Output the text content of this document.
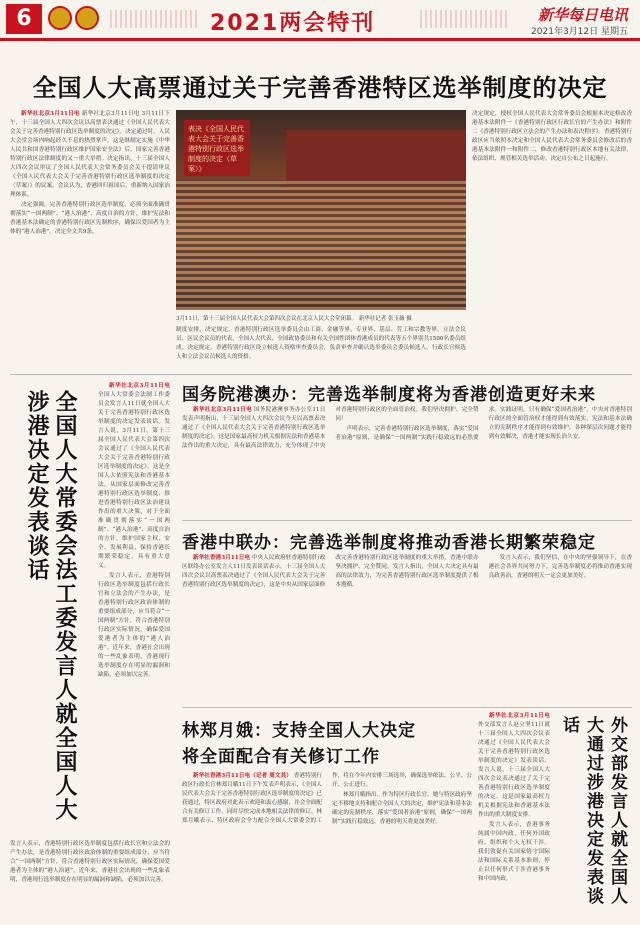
6	2021两会特刊	新华每日电讯
2021年3月12日 星期五
全国人大高票通过关于完善香港特区选举制度的决定

新华社北京3月11日电 新华社北京3月11日电 3月11日下午，十三届全国人大四次会议以高票表决通过《全国人民代表大会关于完善香港特别行政区选举制度的决定》。决定通过时，人民大会堂会场内响起经久不息的热烈掌声。这是继制定实施《中华人民共和国香港特别行政区维护国家安全法》后，国家完善香港特别行政区法律制度的又一重大举措。决定指出，十三届全国人大四次会议审议了全国人民代表大会常务委员会关于提请审议《全国人民代表大会关于完善香港特别行政区选举制度的决定（草案）》的议案。会议认为，香港回归祖国后，重新纳入国家治理体系。

决定强调，完善香港特别行政区选举制度，必须全面准确贯彻落实“一国两制”、“港人治港”、高度自治的方针，维护宪法和香港基本法确定的香港特别行政区宪制秩序，确保以爱国者为主体的“港人治港”。决定全文共9条。

表决《全国人民代表大会关于完善香港特别行政区选举制度的决定（草案）》
3月11日，第十三届全国人民代表大会第四次会议在北京人民大会堂闭幕。 新华社记者 张玉薇 摄
制度安排。决定规定，香港特别行政区选举委员会由工商、金融等界，专业界，基层、劳工和宗教等界，立法会议员、区议会议员的代表，全国人大代表、全国政协委员和有关全国性团体香港成员的代表等五个界别共1500名委员组成。决定规定，香港特别行政区设立候选人资格审查委员会，负责审查并确认选举委员会委员候选人、行政长官候选人和立法会议员候选人的资格。
决定规定，授权全国人民代表大会常务委员会根据本决定修改香港基本法附件一《香港特别行政区行政长官的产生办法》和附件二《香港特别行政区立法会的产生办法和表决程序》。香港特别行政区应当依照本决定和全国人民代表大会常务委员会修改后的香港基本法附件一和附件二，修改香港特别行政区本地有关法律，依法组织、规管相关选举活动。决定自公布之日起施行。
全国人大常委会法工委发言人就全国人大涉港决定发表谈话

新华社北京3月11日电 全国人大常委会法制工作委员会发言人11日就全国人大关于完善香港特别行政区选举制度的决定发表谈话。发言人说，3月11日，第十三届全国人民代表大会第四次会议通过了《全国人民代表大会关于完善香港特别行政区选举制度的决定》，这是全国人大依照宪法和香港基本法，从国家层面修改完善香港特别行政区选举制度、推进香港特别行政区法治建设作出的重大决策，对于全面准确贯彻落实“一国两制”、“港人治港”、高度自治的方针，维护国家主权、安全、发展利益，保持香港长期繁荣稳定，具有重大意义。

发言人表示，香港特别行政区选举制度包括行政长官和立法会的产生办法，是香港特别行政区政治体制的重要组成部分，应当符合“一国两制”方针，符合香港特别行政区实际情况，确保爱国爱港者为主体的“港人治港”。近年来，香港社会出现的一些乱象表明，香港现行选举制度存在明显的漏洞和缺陷，必须加以完善。

发言人表示，香港特别行政区选举制度包括行政长官和立法会的产生办法，是香港特别行政区政治体制的重要组成部分，应当符合“一国两制”方针，符合香港特别行政区实际情况，确保爱国爱港者为主体的“港人治港”。近年来，香港社会出现的一些乱象表明，香港现行选举制度存在明显的漏洞和缺陷，必须加以完善。
国务院港澳办：完善选举制度将为香港创造更好未来

新华社北京3月11日电 国务院港澳事务办公室11日发表声明指出，十三届全国人大四次会议今天以高票表决通过了《全国人民代表大会关于完善香港特别行政区选举制度的决定》。这是国家最高权力机关根据宪法和香港基本法作出的重大决定，具有最高法律效力，充分体现了中央对香港特别行政区的全面管治权。我们坚决拥护、完全赞同！

声明表示，完善香港特别行政区选举制度，落实“爱国者治港”原则，是确保“一国两制”实践行稳致远的必然要求。实践证明，只有确保“爱国者治港”，中央对香港特别行政区的全面管治权才能得到有效落实，宪法和基本法确立的宪制秩序才能得到有效维护，各种深层次问题才能得到有效解决，香港才能实现长治久安。

香港中联办：完善选举制度将推动香港长期繁荣稳定

新华社香港3月11日电 中央人民政府驻香港特别行政区联络办公室发言人11日发表谈话表示，十三届全国人大四次会议以高票表决通过了《全国人民代表大会关于完善香港特别行政区选举制度的决定》，这是中央从国家层面修改完善香港特别行政区选举制度的重大举措，香港中联办坚决拥护、完全赞同。发言人指出，全国人大决定具有最高的法律效力，为完善香港特别行政区选举制度提供了根本遵循。

发言人表示，我们坚信，在中央的坚强领导下，在香港社会各界共同努力下，完善选举制度必将推动香港实现良政善治，香港的明天一定会更加美好。

林郑月娥：支持全国人大决定
将全面配合有关修订工作

新华社香港3月11日电（记者 周文其） 香港特别行政区行政长官林郑月娥11日下午发表声明表示，《全国人民代表大会关于完善香港特别行政区选举制度的决定》已获通过，特区政府对此表示欢迎和衷心感谢，并会全面配合有关修订工作，同时尽快完成本地相关法律的修订。林郑月娥表示，特区政府会全力配合全国人大常委会的工作，将在今年内安排三场选举，确保选举依法、公平、公开、公正进行。

林郑月娥指出，作为特区行政长官，她与特区政府坚定不移地支持和配合全国人大的决定，维护宪法和基本法确定的宪制秩序，落实“爱国者治港”原则，确保“一国两制”实践行稳致远，香港的明天将更加美好。

新华社北京3月11日电 外交部发言人赵立坚11日就十三届全国人大四次会议表决通过《全国人民代表大会关于完善香港特别行政区选举制度的决定》发表谈话。发言人说，十三届全国人大四次会议表决通过了关于完善香港特别行政区选举制度的决定。这是国家最高权力机关根据宪法和香港基本法作出的重大制度安排。

发言人表示，香港事务纯属中国内政，任何外国政府、组织和个人无权干涉。我们敦促有关国家恪守国际法和国际关系基本准则，停止以任何形式干涉香港事务和中国内政。	外交部发言人就全国人大通过涉港决定发表谈话
